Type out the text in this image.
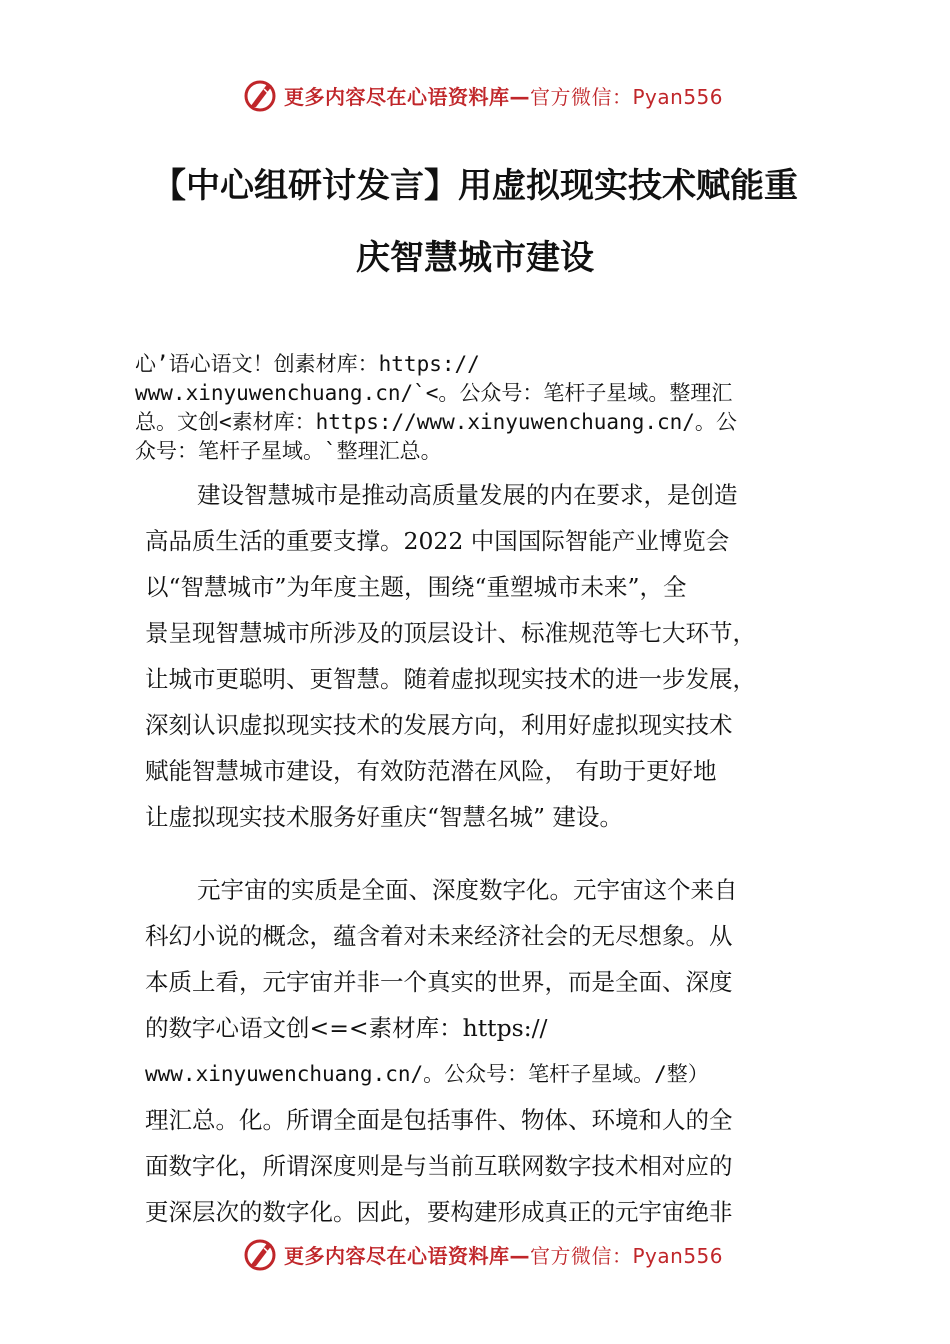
更多内容尽在心语资料库—官方微信：Pyan556
【中心组研讨发言】用虚拟现实技术赋能重
庆智慧城市建设
心’语心语文！创素材库：https://
www.xinyuwenchuang.cn/`<。公众号：笔杆子星域。整理汇
总。文创<素材库：https://www.xinyuwenchuang.cn/。公
众号：笔杆子星域。`整理汇总。
建设智慧城市是推动高质量发展的内在要求，是创造
高品质生活的重要支撑。2022 中国国际智能产业博览会
以“智慧城市”为年度主题，围绕“重塑城市未来”，全
景呈现智慧城市所涉及的顶层设计、标准规范等七大环节，
让城市更聪明、更智慧。随着虚拟现实技术的进一步发展，
深刻认识虚拟现实技术的发展方向，利用好虚拟现实技术
赋能智慧城市建设，有效防范潜在风险， 有助于更好地
让虚拟现实技术服务好重庆“智慧名城” 建设。
元宇宙的实质是全面、深度数字化。元宇宙这个来自
科幻小说的概念，蕴含着对未来经济社会的无尽想象。从
本质上看，元宇宙并非一个真实的世界，而是全面、深度
的数字心语文创<=<素材库：https://
www.xinyuwenchuang.cn/。公众号：笔杆子星域。/整）
理汇总。化。所谓全面是包括事件、物体、环境和人的全
面数字化，所谓深度则是与当前互联网数字技术相对应的
更深层次的数字化。因此，要构建形成真正的元宇宙绝非
更多内容尽在心语资料库—官方微信：Pyan556
